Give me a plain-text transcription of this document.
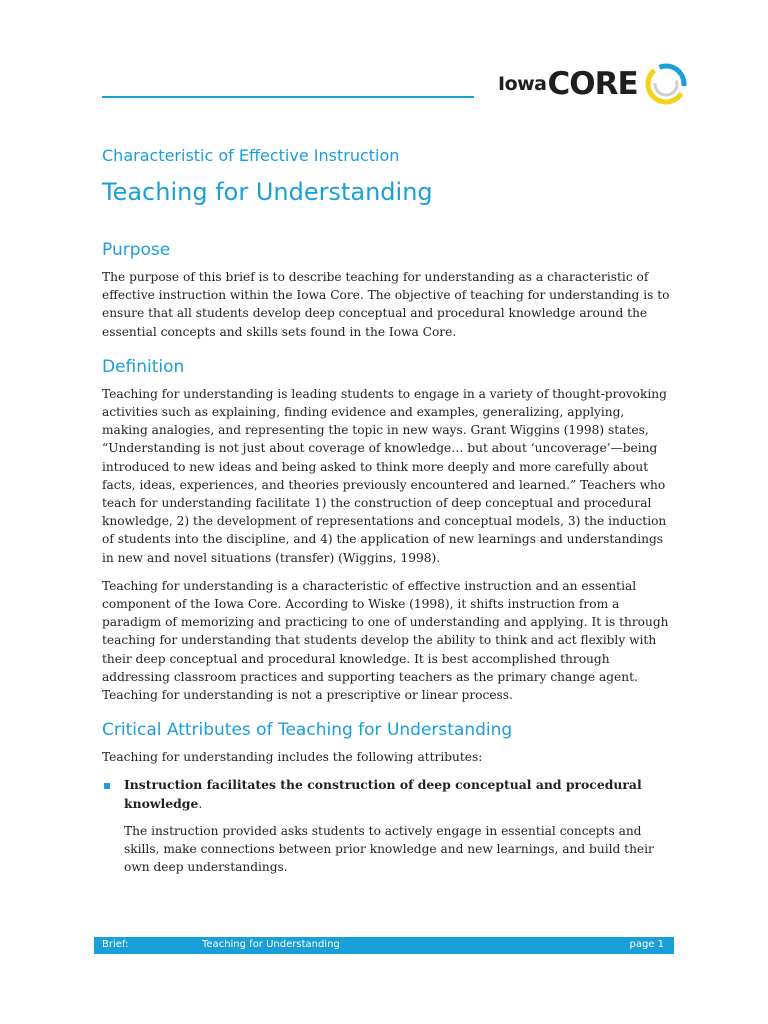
Iowa CORE
Characteristic of Effective Instruction
Teaching for Understanding
Purpose

The purpose of this brief is to describe teaching for understanding as a characteristic of effective instruction within the Iowa Core. The objective of teaching for understanding is to ensure that all students develop deep conceptual and procedural knowledge around the essential concepts and skills sets found in the Iowa Core.

Definition

Teaching for understanding is leading students to engage in a variety of thought-provoking activities such as explaining, finding evidence and examples, generalizing, applying, making analogies, and representing the topic in new ways. Grant Wiggins (1998) states, “Understanding is not just about coverage of knowledge… but about ‘uncoverage’—being introduced to new ideas and being asked to think more deeply and more carefully about facts, ideas, experiences, and theories previously encountered and learned.” Teachers who teach for understanding facilitate 1) the construction of deep conceptual and procedural knowledge, 2) the development of representations and conceptual models, 3) the induction of students into the discipline, and 4) the application of new learnings and understandings in new and novel situations (transfer) (Wiggins, 1998).

Teaching for understanding is a characteristic of effective instruction and an essential component of the Iowa Core. According to Wiske (1998), it shifts instruction from a paradigm of memorizing and practicing to one of understanding and applying. It is through teaching for understanding that students develop the ability to think and act flexibly with their deep conceptual and procedural knowledge. It is best accomplished through addressing classroom practices and supporting teachers as the primary change agent. Teaching for understanding is not a prescriptive or linear process.

Critical Attributes of Teaching for Understanding

Teaching for understanding includes the following attributes:

Instruction facilitates the construction of deep conceptual and procedural knowledge.

The instruction provided asks students to actively engage in essential concepts and skills, make connections between prior knowledge and new learnings, and build their own deep understandings.

Brief:	Teaching for Understanding	page 1
